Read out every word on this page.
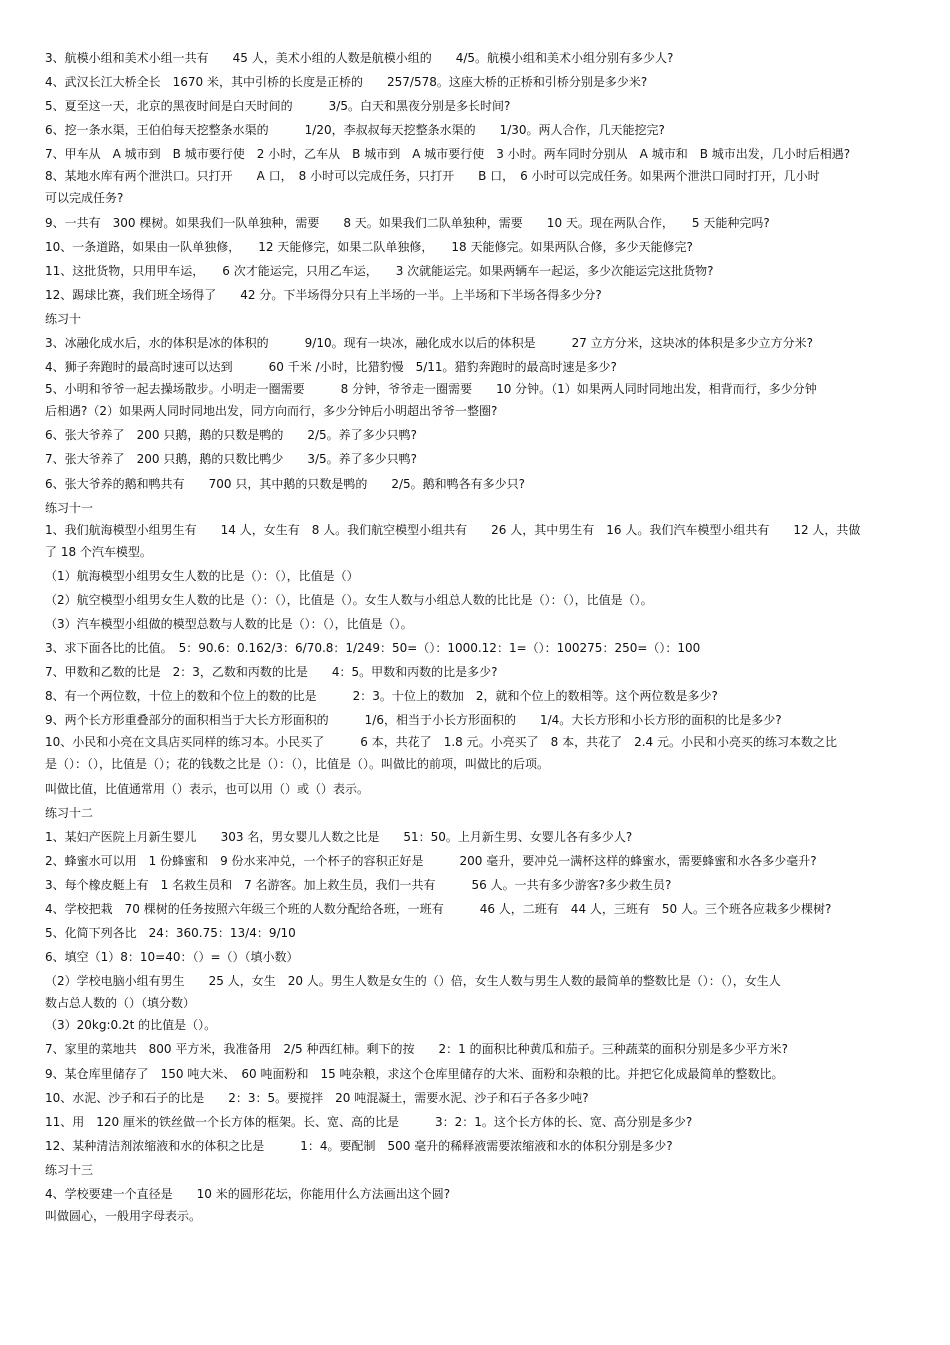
3、航模小组和美术小组一共有　　45 人，美术小组的人数是航模小组的　　4/5。航模小组和美术小组分别有多少人?
4、武汉长江大桥全长　1670 米，其中引桥的长度是正桥的　　257/578。这座大桥的正桥和引桥分别是多少米?
5、夏至这一天，北京的黑夜时间是白天时间的　　　3/5。白天和黑夜分别是多长时间?
6、挖一条水渠，王伯伯每天挖整条水渠的　　　1/20，李叔叔每天挖整条水渠的　　1/30。两人合作，几天能挖完?
7、甲车从　A 城市到　B 城市要行使　2 小时，乙车从　B 城市到　A 城市要行使　3 小时。两车同时分别从　A 城市和　B 城市出发，几小时后相遇?
8、某地水库有两个泄洪口。只打开　　A 口，　8 小时可以完成任务，只打开　　B 口，　6 小时可以完成任务。如果两个泄洪口同时打开，几小时
可以完成任务?
9、一共有　300 棵树。如果我们一队单独种，需要　　8 天。如果我们二队单独种，需要　　10 天。现在两队合作，　　5 天能种完吗?
10、一条道路，如果由一队单独修，　　12 天能修完，如果二队单独修，　　18 天能修完。如果两队合修，多少天能修完?
11、这批货物，只用甲车运，　　6 次才能运完，只用乙车运，　　3 次就能运完。如果两辆车一起运，多少次能运完这批货物?
12、踢球比赛，我们班全场得了　　42 分。下半场得分只有上半场的一半。上半场和下半场各得多少分?
练习十
3、冰融化成水后，水的体积是冰的体积的　　　9/10。现有一块冰，融化成水以后的体积是　　　27 立方分米，这块冰的体积是多少立方分米?
4、狮子奔跑时的最高时速可以达到　　　60 千米 /小时，比猎豹慢　5/11。猎豹奔跑时的最高时速是多少?
5、小明和爷爷一起去操场散步。小明走一圈需要　　　8 分钟，爷爷走一圈需要　　10 分钟。（1）如果两人同时同地出发，相背而行，多少分钟
后相遇?（2）如果两人同时同地出发，同方向而行，多少分钟后小明超出爷爷一整圈?
6、张大爷养了　200 只鹅，鹅的只数是鸭的　　2/5。养了多少只鸭?
7、张大爷养了　200 只鹅，鹅的只数比鸭少　　3/5。养了多少只鸭?
6、张大爷养的鹅和鸭共有　　700 只，其中鹅的只数是鸭的　　2/5。鹅和鸭各有多少只?
练习十一
1、我们航海模型小组男生有　　14 人，女生有　8 人。我们航空模型小组共有　　26 人，其中男生有　16 人。我们汽车模型小组共有　　12 人，共做
了 18 个汽车模型。
（1）航海模型小组男女生人数的比是（）：（），比值是（）
（2）航空模型小组男女生人数的比是（）：（），比值是（）。女生人数与小组总人数的比比是（）：（），比值是（）。
（3）汽车模型小组做的模型总数与人数的比是（）：（），比值是（）。
3、求下面各比的比值。　5：90.6：0.162/3：6/70.8：1/249：50=（）：1000.12：1=（）：100275：250=（）：100
7、甲数和乙数的比是　2：3，乙数和丙数的比是　　4：5。甲数和丙数的比是多少?
8、有一个两位数，十位上的数和个位上的数的比是　　　2：3。十位上的数加　2，就和个位上的数相等。这个两位数是多少?
9、两个长方形重叠部分的面积相当于大长方形面积的　　　1/6，相当于小长方形面积的　　1/4。大长方形和小长方形的面积的比是多少?
10、小民和小亮在文具店买同样的练习本。小民买了　　　6 本，共花了　1.8 元。小亮买了　8 本，共花了　2.4 元。小民和小亮买的练习本数之比
是（）：（），比值是（）；花的钱数之比是（）：（），比值是（）。叫做比的前项，叫做比的后项。
叫做比值，比值通常用（）表示，也可以用（）或（）表示。
练习十二
1、某妇产医院上月新生婴儿　　303 名，男女婴儿人数之比是　　51：50。上月新生男、女婴儿各有多少人?
2、蜂蜜水可以用　1 份蜂蜜和　9 份水来冲兑，一个杯子的容积正好是　　　200 毫升，要冲兑一满杯这样的蜂蜜水，需要蜂蜜和水各多少毫升?
3、每个橡皮艇上有　1 名救生员和　7 名游客。加上救生员，我们一共有　　　56 人。一共有多少游客?多少救生员?
4、学校把栽　70 棵树的任务按照六年级三个班的人数分配给各班，一班有　　　46 人，二班有　44 人，三班有　50 人。三个班各应栽多少棵树?
5、化简下列各比　24：360.75：13/4：9/10
6、填空（1）8：10=40：（）=（）（填小数）
（2）学校电脑小组有男生　　25 人，女生　20 人。男生人数是女生的（）倍，女生人数与男生人数的最简单的整数比是（）：（），女生人
数占总人数的（）（填分数）
（3）20kg:0.2t 的比值是（）。
7、家里的菜地共　800 平方米，我准备用　2/5 种西红柿。剩下的按　　2：1 的面积比种黄瓜和茄子。三种蔬菜的面积分别是多少平方米?
9、某仓库里储存了　150 吨大米、　60 吨面粉和　15 吨杂粮，求这个仓库里储存的大米、面粉和杂粮的比。并把它化成最简单的整数比。
10、水泥、沙子和石子的比是　　2：3：5。要搅拌　20 吨混凝土，需要水泥、沙子和石子各多少吨?
11、用　120 厘米的铁丝做一个长方体的框架。长、宽、高的比是　　　3：2：1。这个长方体的长、宽、高分别是多少?
12、某种清洁剂浓缩液和水的体积之比是　　　1：4。要配制　500 毫升的稀释液需要浓缩液和水的体积分别是多少?
练习十三
4、学校要建一个直径是　　10 米的圆形花坛，你能用什么方法画出这个圆?
叫做圆心，一般用字母表示。
